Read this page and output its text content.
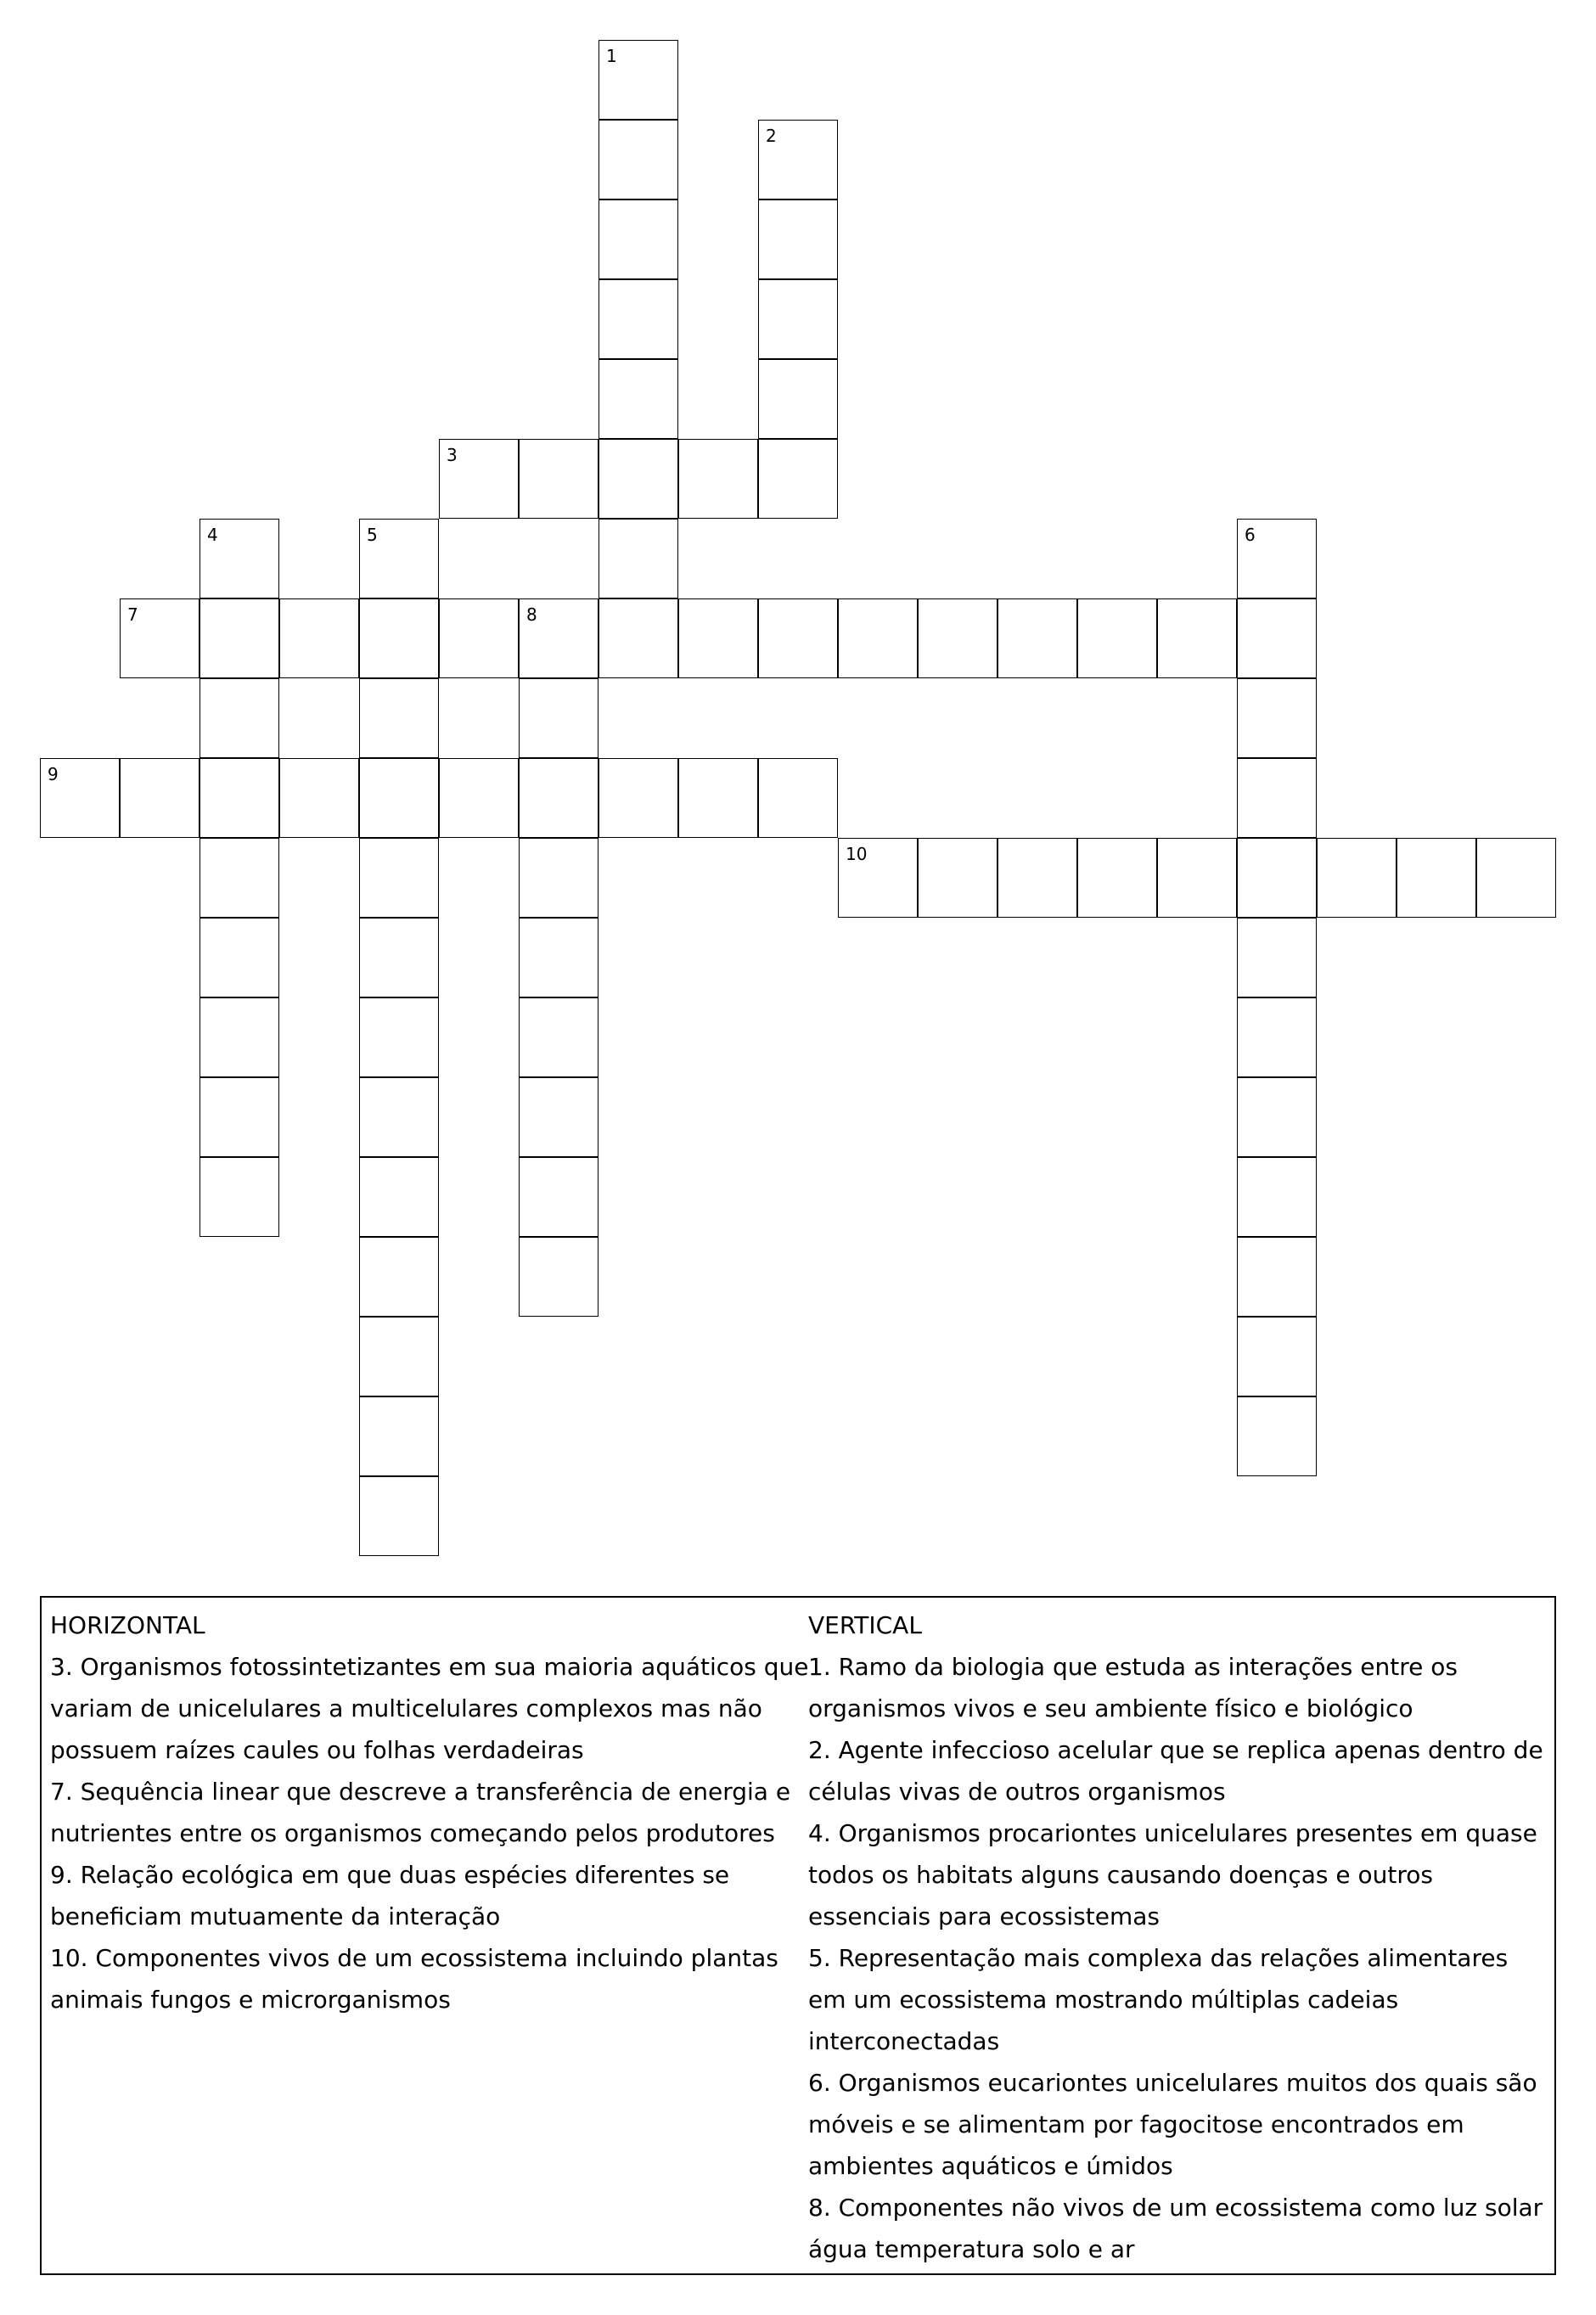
1
2
3
4	5	6
7	8
9
10
HORIZONTAL

3. Organismos fotossintetizantes em sua maioria aquáticos que variam de unicelulares a multicelulares complexos mas não possuem raízes caules ou folhas verdadeiras

7. Sequência linear que descreve a transferência de energia e nutrientes entre os organismos começando pelos produtores

9. Relação ecológica em que duas espécies diferentes se beneficiam mutuamente da interação

10. Componentes vivos de um ecossistema incluindo plantas animais fungos e microrganismos

VERTICAL

1. Ramo da biologia que estuda as interações entre os organismos vivos e seu ambiente físico e biológico

2. Agente infeccioso acelular que se replica apenas dentro de células vivas de outros organismos

4. Organismos procariontes unicelulares presentes em quase todos os habitats alguns causando doenças e outros essenciais para ecossistemas

5. Representação mais complexa das relações alimentares em um ecossistema mostrando múltiplas cadeias interconectadas

6. Organismos eucariontes unicelulares muitos dos quais são móveis e se alimentam por fagocitose encontrados em ambientes aquáticos e úmidos

8. Componentes não vivos de um ecossistema como luz solar água temperatura solo e ar
